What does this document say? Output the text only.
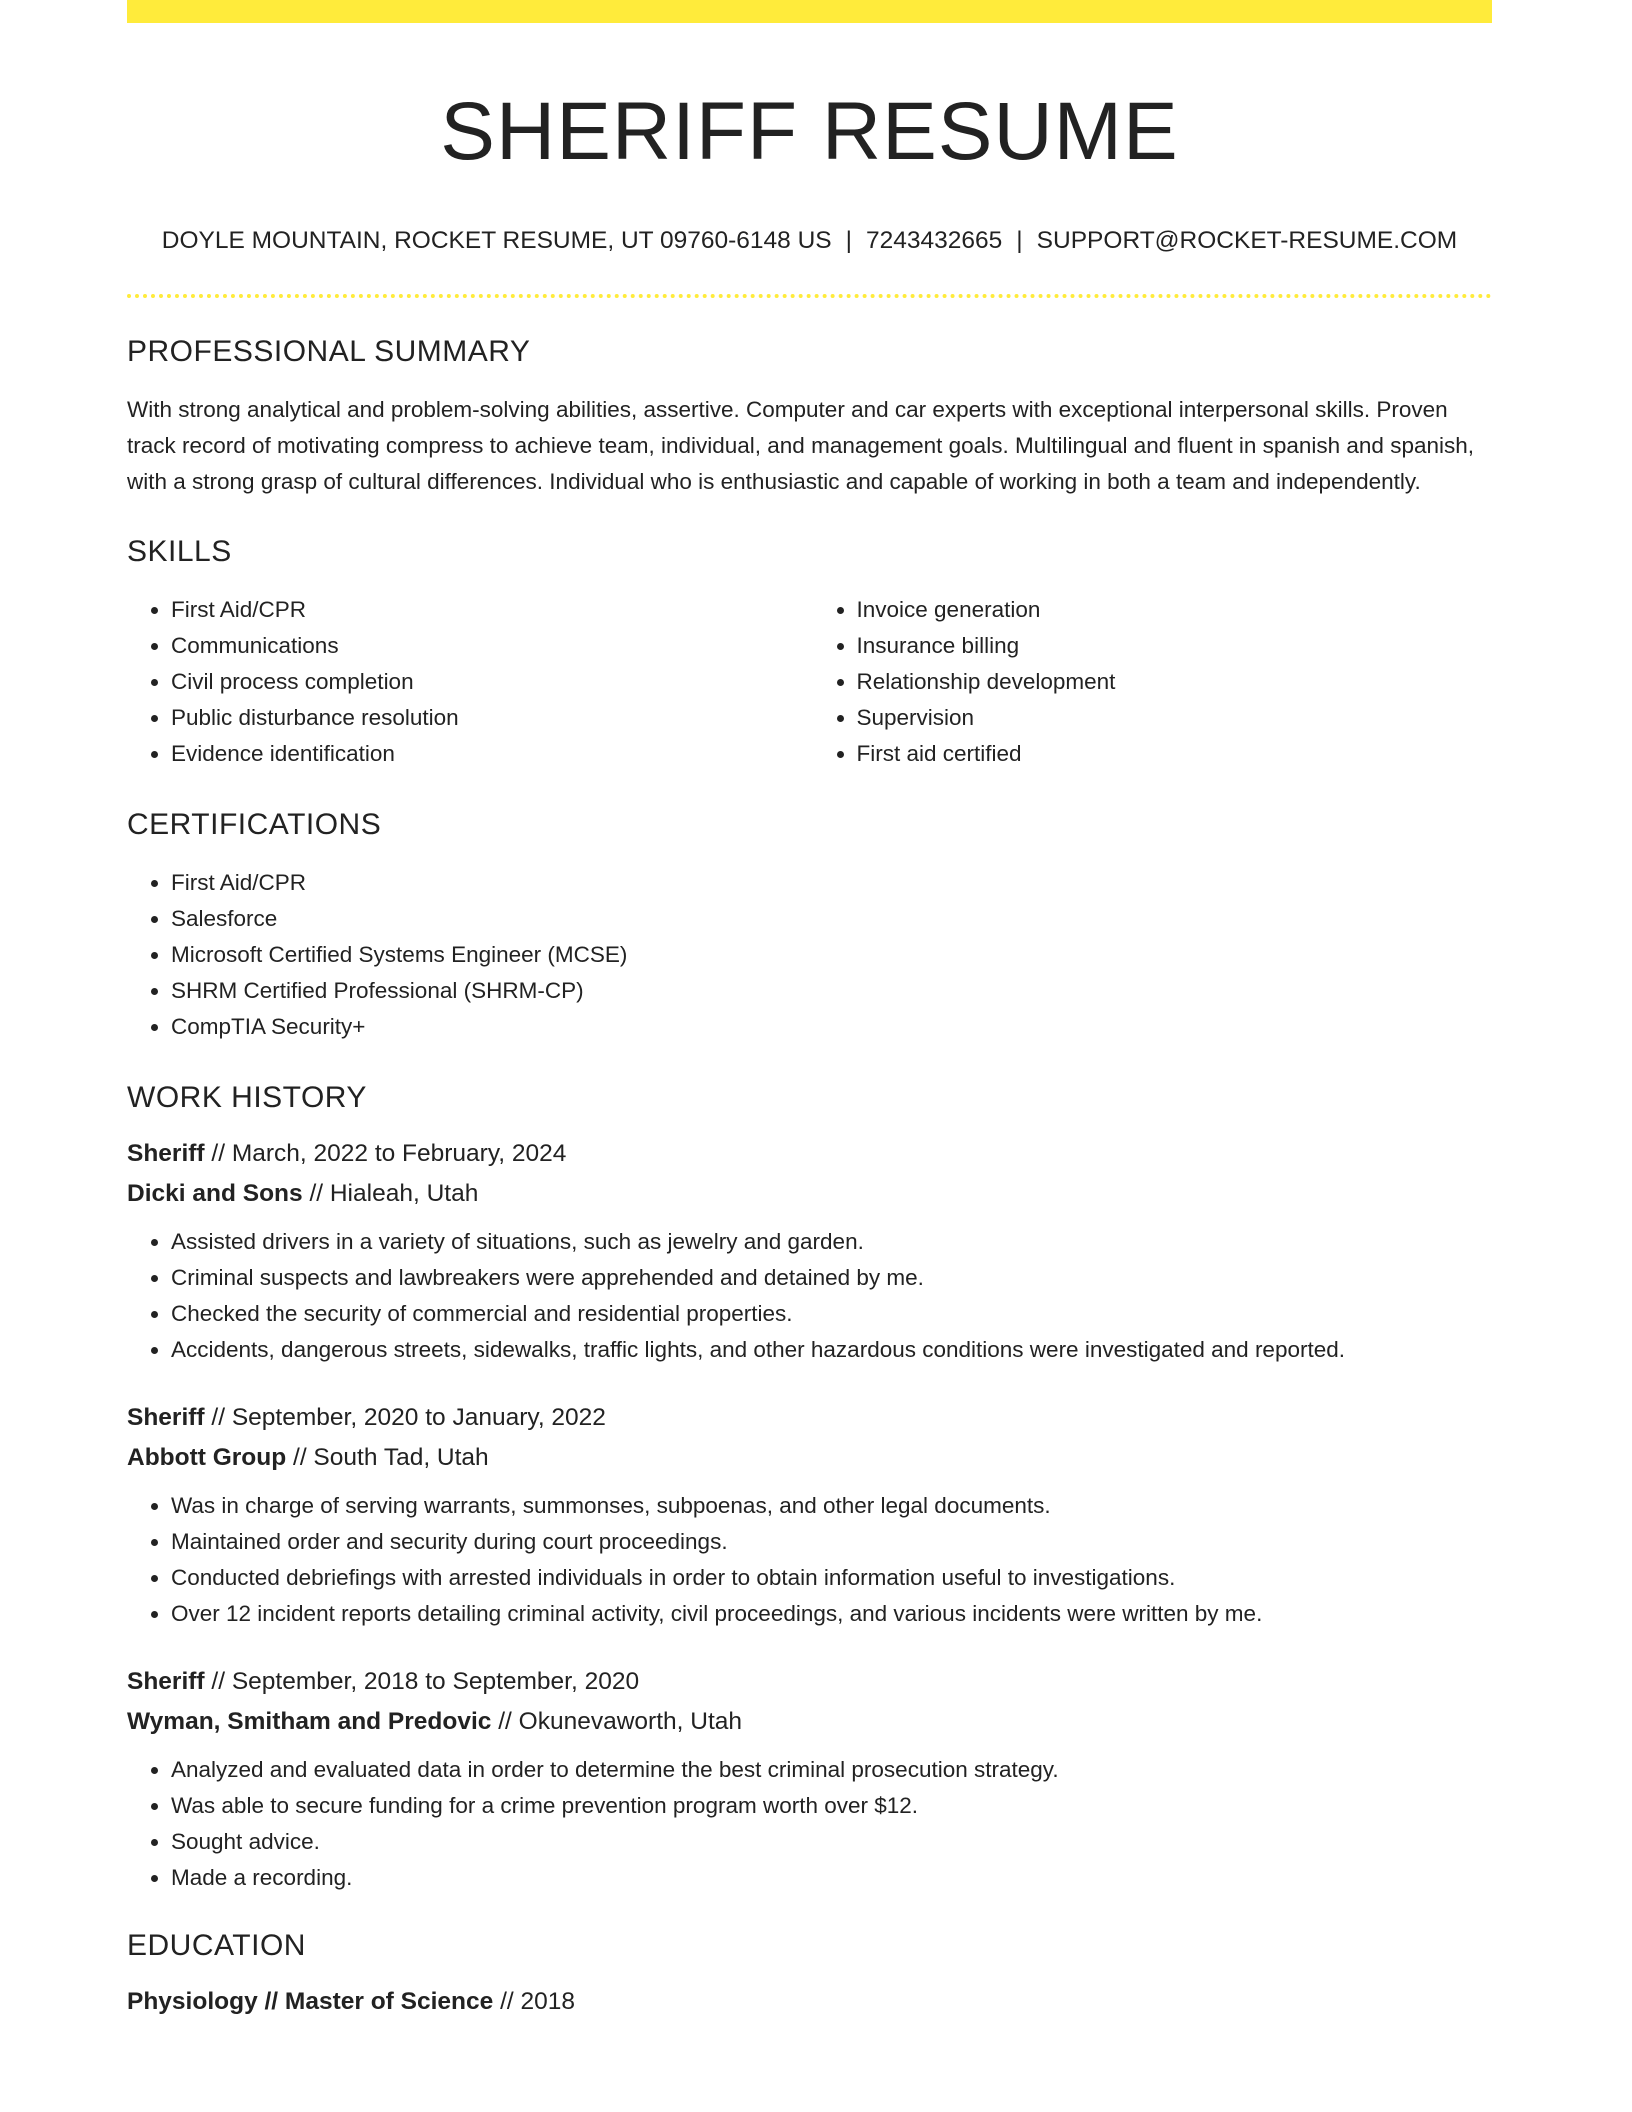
SHERIFF RESUME
DOYLE MOUNTAIN, ROCKET RESUME, UT 09760-6148 US | 7243432665 | SUPPORT@ROCKET-RESUME.COM
PROFESSIONAL SUMMARY

With strong analytical and problem-solving abilities, assertive. Computer and car experts with exceptional interpersonal skills. Proven track record of motivating compress to achieve team, individual, and management goals. Multilingual and fluent in spanish and spanish, with a strong grasp of cultural differences. Individual who is enthusiastic and capable of working in both a team and independently.

SKILLS
• First Aid/CPR
• Communications
• Civil process completion
• Public disturbance resolution
• Evidence identification
• Invoice generation
• Insurance billing
• Relationship development
• Supervision
• First aid certified
CERTIFICATIONS
• First Aid/CPR
• Salesforce
• Microsoft Certified Systems Engineer (MCSE)
• SHRM Certified Professional (SHRM-CP)
• CompTIA Security+
WORK HISTORY
Sheriff // March, 2022 to February, 2024
Dicki and Sons // Hialeah, Utah
• Assisted drivers in a variety of situations, such as jewelry and garden.
• Criminal suspects and lawbreakers were apprehended and detained by me.
• Checked the security of commercial and residential properties.
• Accidents, dangerous streets, sidewalks, traffic lights, and other hazardous conditions were investigated and reported.
Sheriff // September, 2020 to January, 2022
Abbott Group // South Tad, Utah
• Was in charge of serving warrants, summonses, subpoenas, and other legal documents.
• Maintained order and security during court proceedings.
• Conducted debriefings with arrested individuals in order to obtain information useful to investigations.
• Over 12 incident reports detailing criminal activity, civil proceedings, and various incidents were written by me.
Sheriff // September, 2018 to September, 2020
Wyman, Smitham and Predovic // Okunevaworth, Utah
• Analyzed and evaluated data in order to determine the best criminal prosecution strategy.
• Was able to secure funding for a crime prevention program worth over $12.
• Sought advice.
• Made a recording.
EDUCATION
Physiology // Master of Science // 2018
